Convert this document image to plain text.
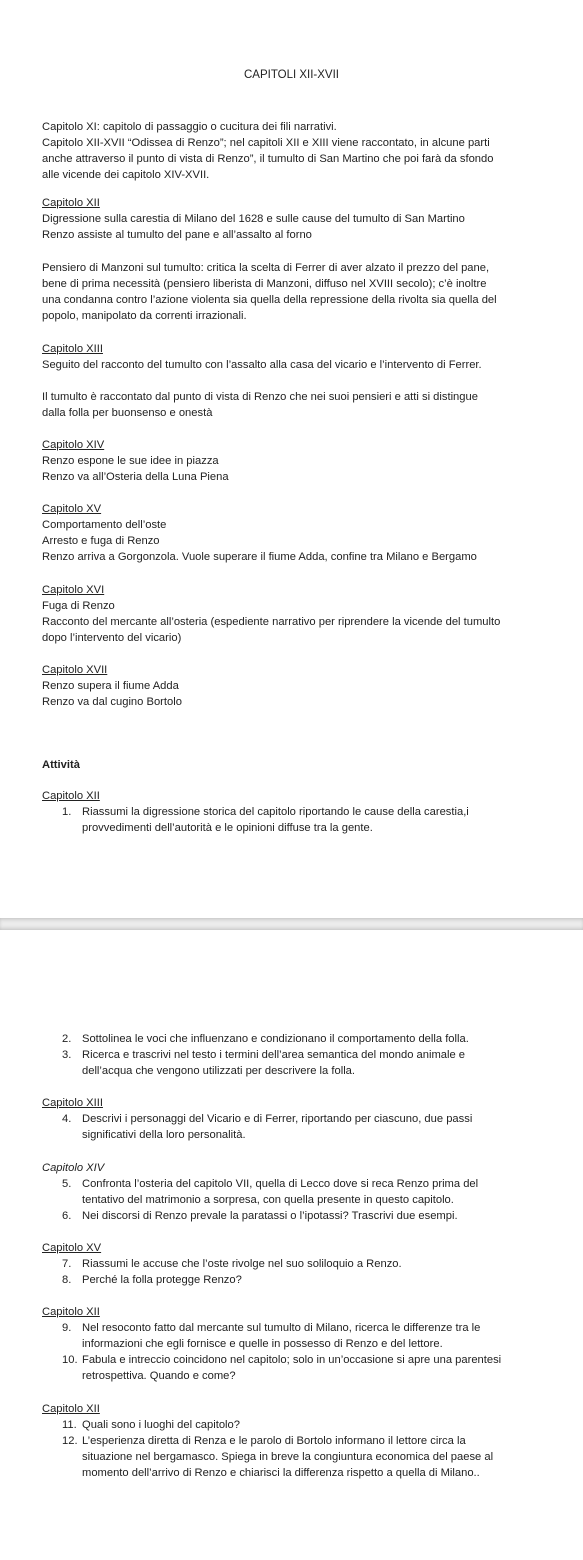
CAPITOLI XII-XVII
Capitolo XI: capitolo di passaggio o cucitura dei fili narrativi.
Capitolo XII-XVII “Odissea di Renzo”; nel capitoli XII e XIII viene raccontato, in alcune parti
anche attraverso il punto di vista di Renzo”, il tumulto di San Martino che poi farà da sfondo
alle vicende dei capitolo XIV-XVII.
Capitolo XII
Digressione sulla carestia di Milano del 1628 e sulle cause del tumulto di San Martino
Renzo assiste al tumulto del pane e all’assalto al forno
Pensiero di Manzoni sul tumulto: critica la scelta di Ferrer di aver alzato il prezzo del pane,
bene di prima necessità (pensiero liberista di Manzoni, diffuso nel XVIII secolo); c’è inoltre
una condanna contro l’azione violenta sia quella della repressione della rivolta sia quella del
popolo, manipolato da correnti irrazionali.
Capitolo XIII
Seguito del racconto del tumulto con l’assalto alla casa del vicario e l’intervento di Ferrer.
Il tumulto è raccontato dal punto di vista di Renzo che nei suoi pensieri e atti si distingue
dalla folla per buonsenso e onestà
Capitolo XIV
Renzo espone le sue idee in piazza
Renzo va all’Osteria della Luna Piena
Capitolo XV
Comportamento dell’oste
Arresto e fuga di Renzo
Renzo arriva a Gorgonzola. Vuole superare il fiume Adda, confine tra Milano e Bergamo
Capitolo XVI
Fuga di Renzo
Racconto del mercante all’osteria (espediente narrativo per riprendere la vicende del tumulto
dopo l’intervento del vicario)
Capitolo XVII
Renzo supera il fiume Adda
Renzo va dal cugino Bortolo
Attività
Capitolo XII
1. Riassumi la digressione storica del capitolo riportando le cause della carestia,i
provvedimenti dell’autorità e le opinioni diffuse tra la gente.
2. Sottolinea le voci che influenzano e condizionano il comportamento della folla.
3. Ricerca e trascrivi nel testo i termini dell’area semantica del mondo animale e
dell’acqua che vengono utilizzati per descrivere la folla.
Capitolo XIII
4. Descrivi i personaggi del Vicario e di Ferrer, riportando per ciascuno, due passi
significativi della loro personalità.
Capitolo XIV
5. Confronta l’osteria del capitolo VII, quella di Lecco dove si reca Renzo prima del
tentativo del matrimonio a sorpresa, con quella presente in questo capitolo.
6. Nei discorsi di Renzo prevale la paratassi o l’ipotassi? Trascrivi due esempi.
Capitolo XV
7. Riassumi le accuse che l’oste rivolge nel suo soliloquio a Renzo.
8. Perché la folla protegge Renzo?
Capitolo XII
9. Nel resoconto fatto dal mercante sul tumulto di Milano, ricerca le differenze tra le
informazioni che egli fornisce e quelle in possesso di Renzo e del lettore.
10. Fabula e intreccio coincidono nel capitolo; solo in un’occasione si apre una parentesi
retrospettiva. Quando e come?
Capitolo XII
11. Quali sono i luoghi del capitolo?
12. L’esperienza diretta di Renza e le parolo di Bortolo informano il lettore circa la
situazione nel bergamasco. Spiega in breve la congiuntura economica del paese al
momento dell’arrivo di Renzo e chiarisci la differenza rispetto a quella di Milano..
